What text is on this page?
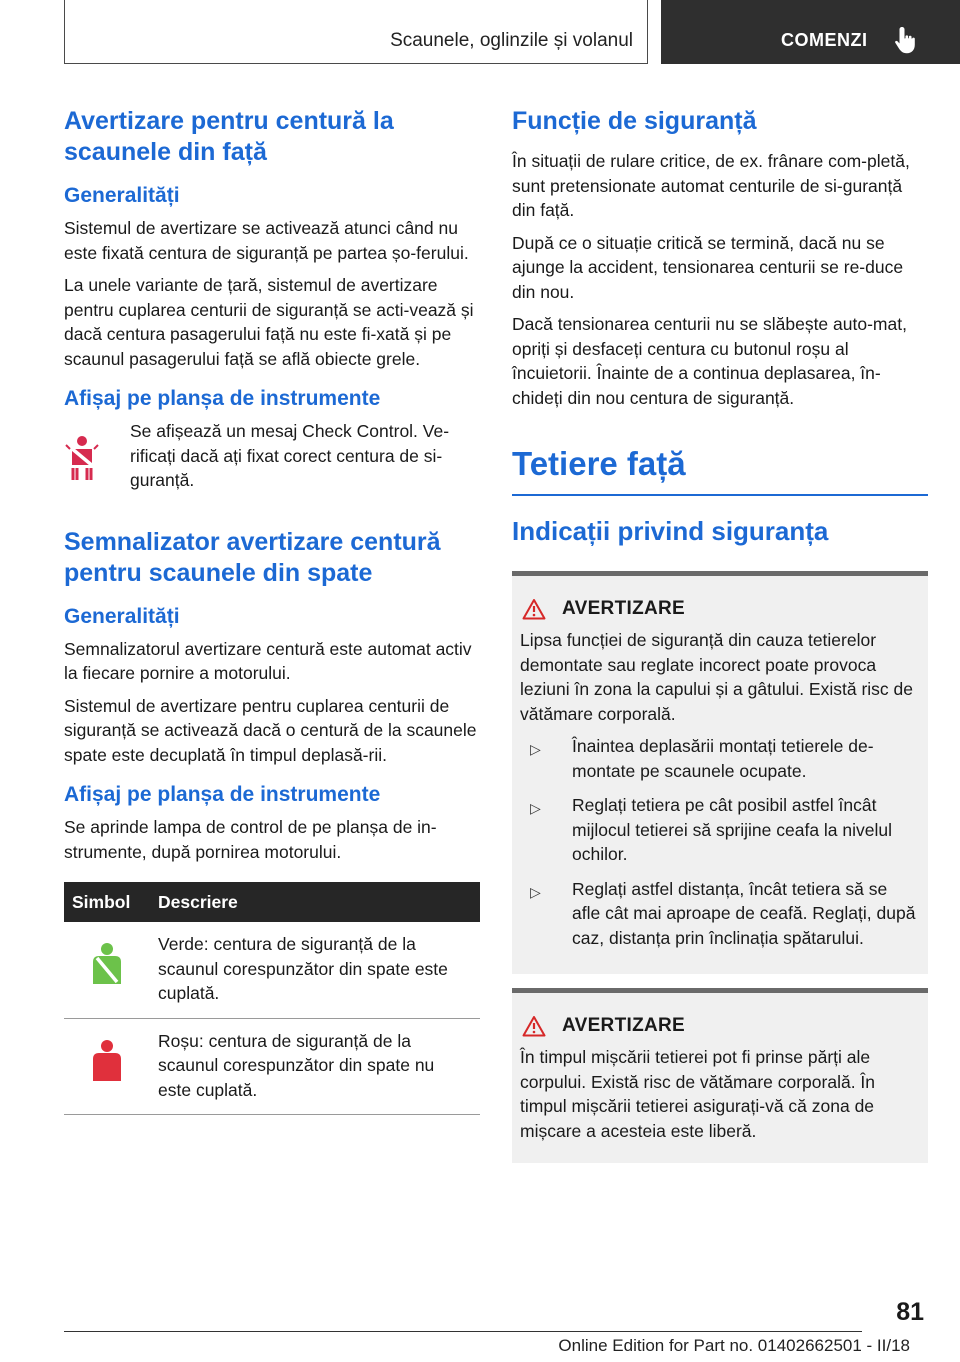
Scaunele, oglinzile și volanul	COMENZI
Avertizare pentru centură la scaunele din față
Generalități

Sistemul de avertizare se activează atunci când nu este fixată centura de siguranță pe partea șo-ferului.

La unele variante de țară, sistemul de avertizare pentru cuplarea centurii de siguranță se acti-vează și dacă centura pasagerului față nu este fi-xată și pe scaunul pasagerului față se află obiecte grele.

Afișaj pe planșa de instrumente

Se afișează un mesaj Check Control. Ve-rificați dacă ați fixat corect centura de si-guranță.

Semnalizator avertizare centură pentru scaunele din spate
Generalități

Semnalizatorul avertizare centură este automat activ la fiecare pornire a motorului.

Sistemul de avertizare pentru cuplarea centurii de siguranță se activează dacă o centură de la scaunele spate este decuplată în timpul deplasă-rii.

Afișaj pe planșa de instrumente

Se aprinde lampa de control de pe planșa de in-strumente, după pornirea motorului.

Simbol	Descriere
	Verde: centura de siguranță de la scaunul corespunzător din spate este cuplată.
	Roșu: centura de siguranță de la scaunul corespunzător din spate nu este cuplată.
Funcție de siguranță

În situații de rulare critice, de ex. frânare com-pletă, sunt pretensionate automat centurile de si-guranță din față.

După ce o situație critică se termină, dacă nu se ajunge la accident, tensionarea centurii se re-duce din nou.

Dacă tensionarea centurii nu se slăbește auto-mat, opriți și desfaceți centura cu butonul roșu al încuietorii. Înainte de a continua deplasarea, în-chideți din nou centura de siguranță.

Tetiere față
Indicații privind siguranța
AVERTIZARE

Lipsa funcției de siguranță din cauza tetierelor demontate sau reglate incorect poate provoca leziuni în zona la capului și a gâtului. Există risc de vătămare corporală.

▷	Înaintea deplasării montați tetierele de-montate pe scaunele ocupate.
▷	Reglați tetiera pe cât posibil astfel încât mijlocul tetierei să sprijine ceafa la nivelul ochilor.
▷	Reglați astfel distanța, încât tetiera să se afle cât mai aproape de ceafă. Reglați, după caz, distanța prin înclinația spătarului.
AVERTIZARE

În timpul mișcării tetierei pot fi prinse părți ale corpului. Există risc de vătămare corporală. În timpul mișcării tetierei asigurați-vă că zona de mișcare a acesteia este liberă.

81
Online Edition for Part no. 01402662501 - II/18
